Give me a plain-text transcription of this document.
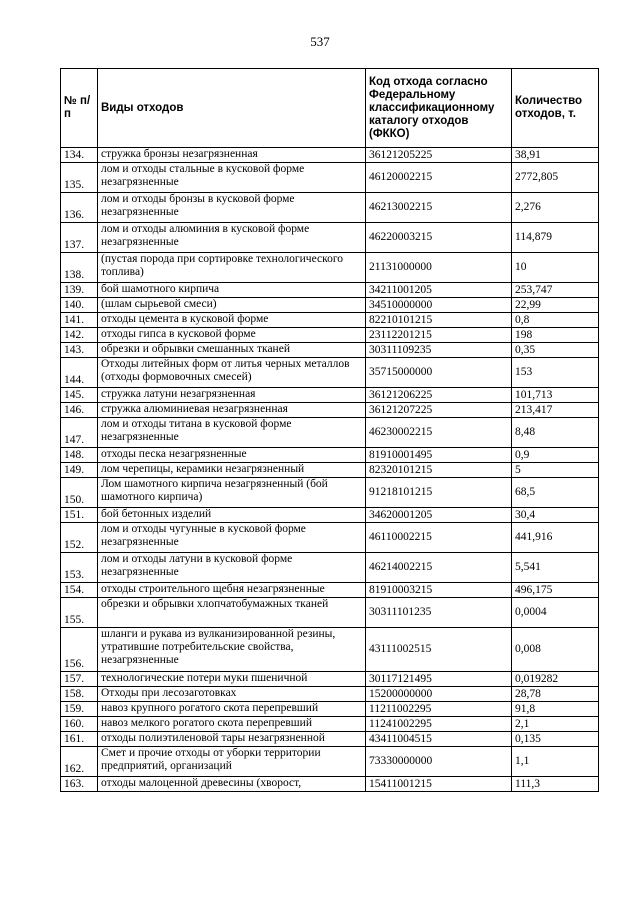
537
№ п/п	Виды отходов	Код отхода согласно Федеральному классификационному каталогу отходов (ФККО)	Количество отходов, т.
134.	стружка бронзы незагрязненная	36121205225	38,91
135.	лом и отходы стальные в кусковой форме незагрязненные	46120002215	2772,805
136.	лом и отходы бронзы в кусковой форме незагрязненные	46213002215	2,276
137.	лом и отходы алюминия в кусковой форме незагрязненные	46220003215	114,879
138.	(пустая порода при сортировке технологического топлива)	21131000000	10
139.	бой шамотного кирпича	34211001205	253,747
140.	(шлам сырьевой смеси)	34510000000	22,99
141.	отходы цемента в кусковой форме	82210101215	0,8
142.	отходы гипса в кусковой форме	23112201215	198
143.	обрезки и обрывки смешанных тканей	30311109235	0,35
144.	Отходы литейных форм от литья черных металлов (отходы формовочных смесей)	35715000000	153
145.	стружка латуни незагрязненная	36121206225	101,713
146.	стружка алюминиевая незагрязненная	36121207225	213,417
147.	лом и отходы титана в кусковой форме незагрязненные	46230002215	8,48
148.	отходы песка незагрязненные	81910001495	0,9
149.	лом черепицы, керамики незагрязненный	82320101215	5
150.	Лом шамотного кирпича незагрязненный (бой шамотного кирпича)	91218101215	68,5
151.	бой бетонных изделий	34620001205	30,4
152.	лом и отходы чугунные в кусковой форме незагрязненные	46110002215	441,916
153.	лом и отходы латуни в кусковой форме незагрязненные	46214002215	5,541
154.	отходы строительного щебня незагрязненные	81910003215	496,175
155.	обрезки и обрывки хлопчатобумажных тканей	30311101235	0,0004
156.	шланги и рукава из вулканизированной резины, утратившие потребительские свойства, незагрязненные	43111002515	0,008
157.	технологические потери муки пшеничной	30117121495	0,019282
158.	Отходы при лесозаготовках	15200000000	28,78
159.	навоз крупного рогатого скота перепревший	11211002295	91,8
160.	навоз мелкого рогатого скота перепревший	11241002295	2,1
161.	отходы полиэтиленовой тары незагрязненной	43411004515	0,135
162.	Смет и прочие отходы от уборки территории предприятий, организаций	73330000000	1,1
163.	отходы малоценной древесины (хворост,	15411001215	111,3
